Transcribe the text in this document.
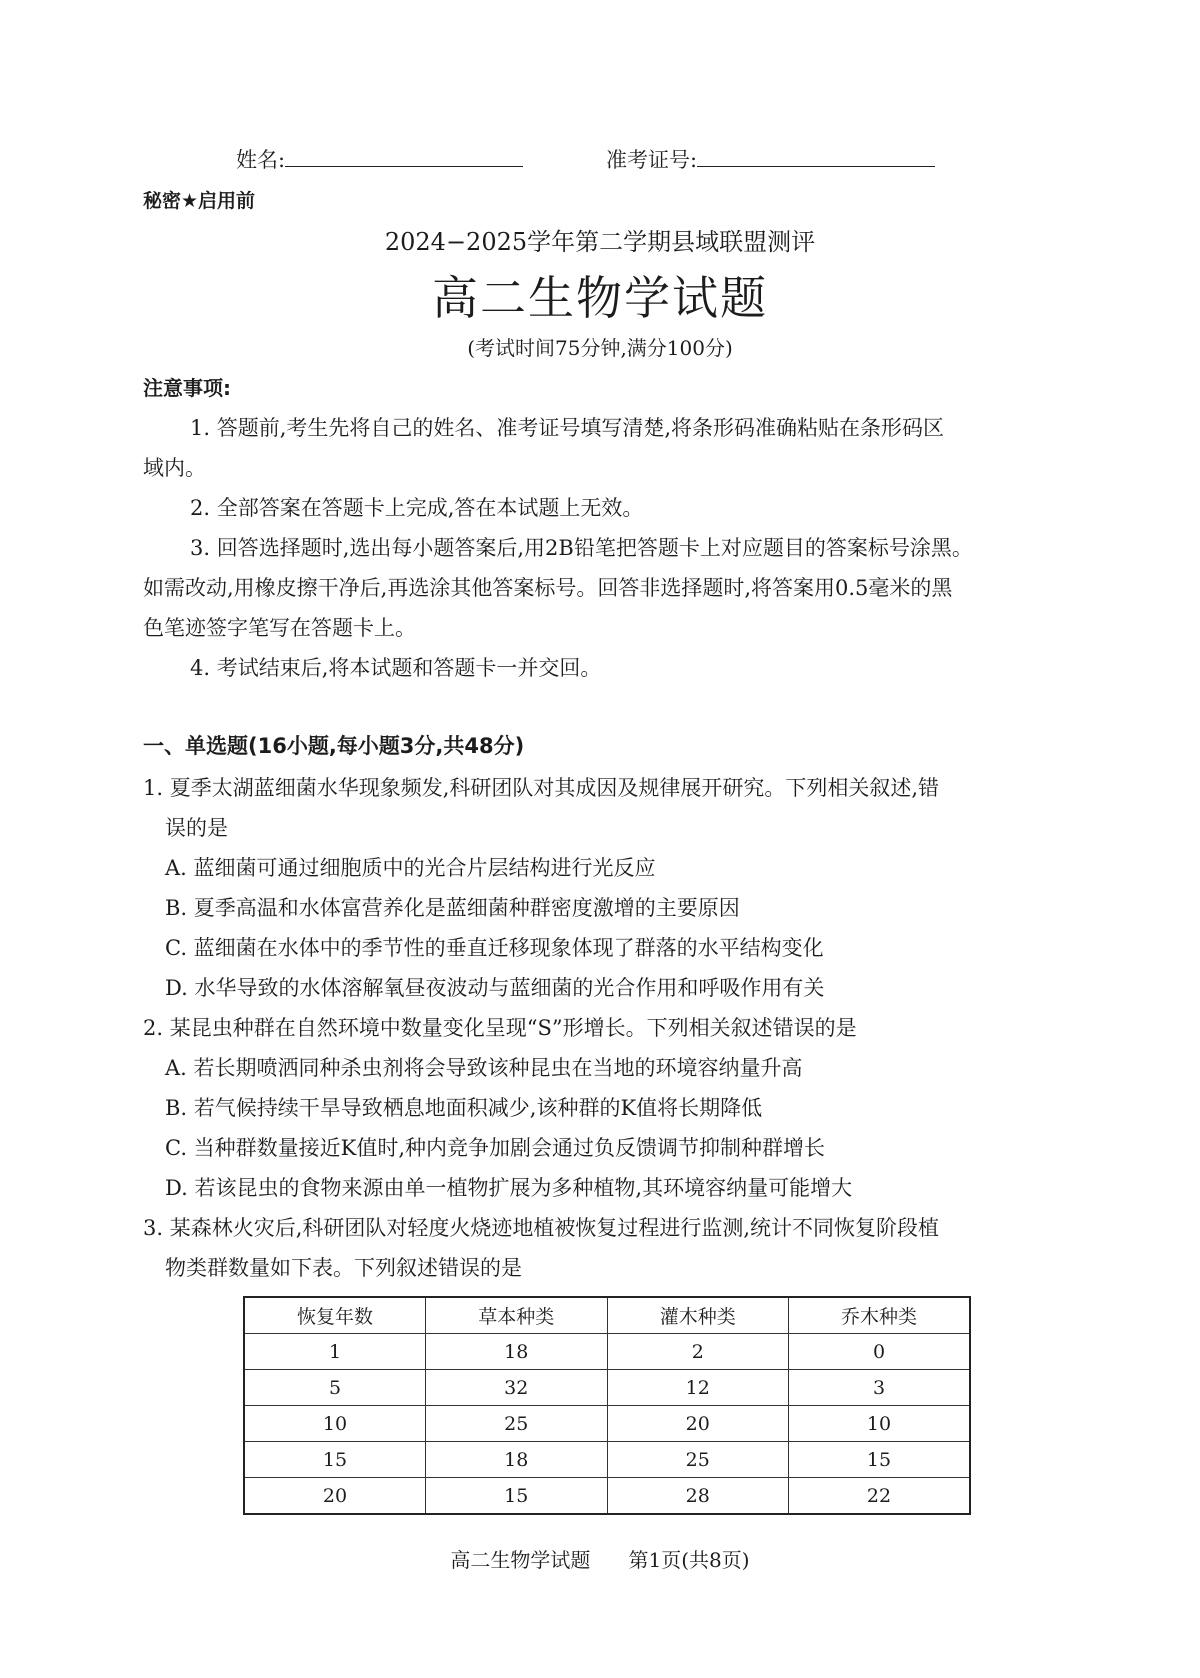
姓名:	准考证号:
秘密★启用前
2024−2025学年第二学期县域联盟测评
高二生物学试题
(考试时间75分钟,满分100分)
注意事项:
1. 答题前,考生先将自己的姓名、准考证号填写清楚,将条形码准确粘贴在条形码区
域内。
2. 全部答案在答题卡上完成,答在本试题上无效。
3. 回答选择题时,选出每小题答案后,用2B铅笔把答题卡上对应题目的答案标号涂黑。
如需改动,用橡皮擦干净后,再选涂其他答案标号。回答非选择题时,将答案用0.5毫米的黑
色笔迹签字笔写在答题卡上。
4. 考试结束后,将本试题和答题卡一并交回。
一、单选题(16小题,每小题3分,共48分)
1. 夏季太湖蓝细菌水华现象频发,科研团队对其成因及规律展开研究。下列相关叙述,错
误的是
A. 蓝细菌可通过细胞质中的光合片层结构进行光反应
B. 夏季高温和水体富营养化是蓝细菌种群密度激增的主要原因
C. 蓝细菌在水体中的季节性的垂直迁移现象体现了群落的水平结构变化
D. 水华导致的水体溶解氧昼夜波动与蓝细菌的光合作用和呼吸作用有关
2. 某昆虫种群在自然环境中数量变化呈现“S”形增长。下列相关叙述错误的是
A. 若长期喷洒同种杀虫剂将会导致该种昆虫在当地的环境容纳量升高
B. 若气候持续干旱导致栖息地面积减少,该种群的K值将长期降低
C. 当种群数量接近K值时,种内竞争加剧会通过负反馈调节抑制种群增长
D. 若该昆虫的食物来源由单一植物扩展为多种植物,其环境容纳量可能增大
3. 某森林火灾后,科研团队对轻度火烧迹地植被恢复过程进行监测,统计不同恢复阶段植
物类群数量如下表。下列叙述错误的是
恢复年数	草本种类	灌木种类	乔木种类
1	18	2	0
5	32	12	3
10	25	20	10
15	18	25	15
20	15	28	22
高二生物学试题      第1页(共8页)
